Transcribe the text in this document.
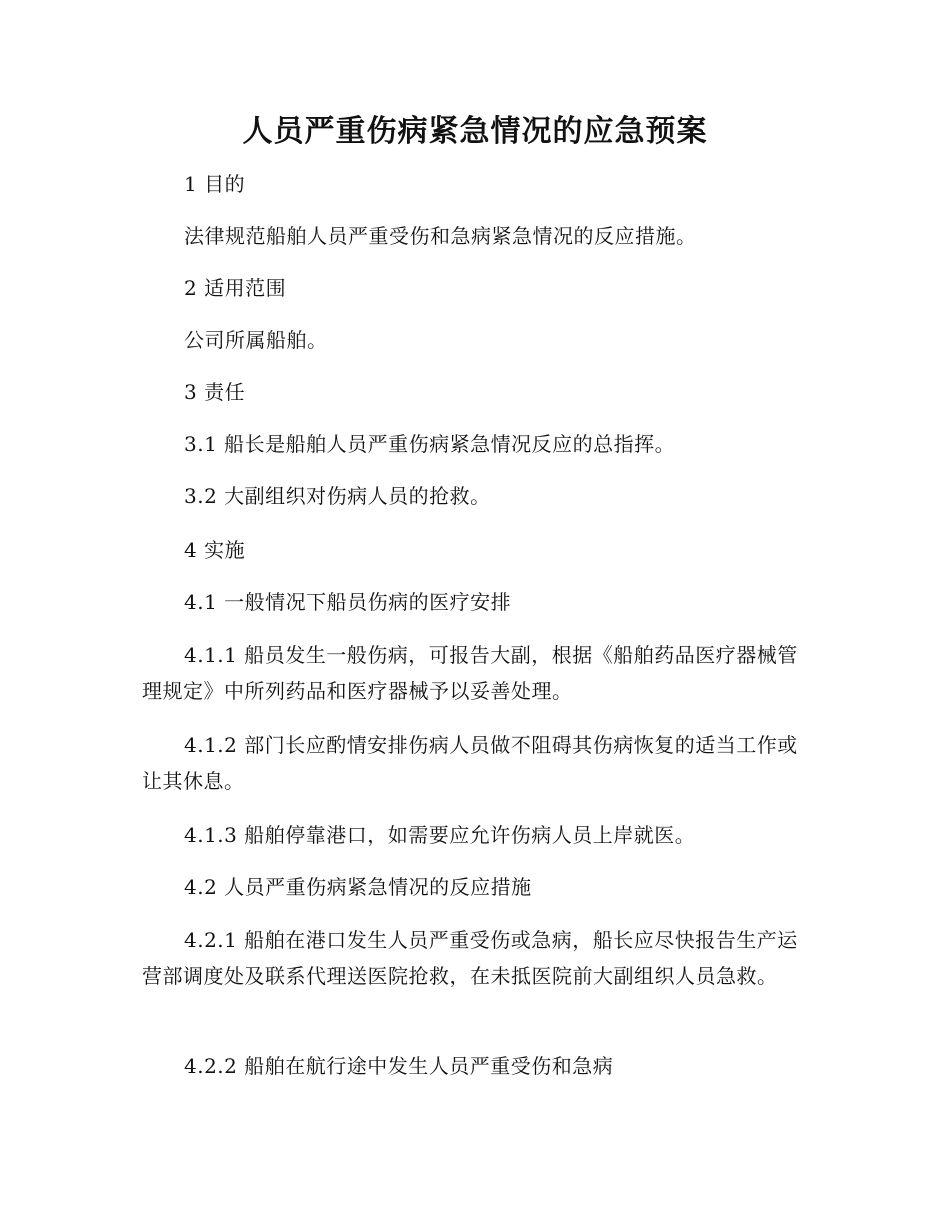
人员严重伤病紧急情况的应急预案
1 目的
法律规范船舶人员严重受伤和急病紧急情况的反应措施。
2 适用范围
公司所属船舶。
3 责任
3.1 船长是船舶人员严重伤病紧急情况反应的总指挥。
3.2 大副组织对伤病人员的抢救。
4 实施
4.1 一般情况下船员伤病的医疗安排
4.1.1 船员发生一般伤病，可报告大副，根据《船舶药品医疗器械管理规定》中所列药品和医疗器械予以妥善处理。
4.1.2 部门长应酌情安排伤病人员做不阻碍其伤病恢复的适当工作或让其休息。
4.1.3 船舶停靠港口，如需要应允许伤病人员上岸就医。
4.2 人员严重伤病紧急情况的反应措施
4.2.1 船舶在港口发生人员严重受伤或急病，船长应尽快报告生产运营部调度处及联系代理送医院抢救，在未抵医院前大副组织人员急救。
4.2.2 船舶在航行途中发生人员严重受伤和急病
